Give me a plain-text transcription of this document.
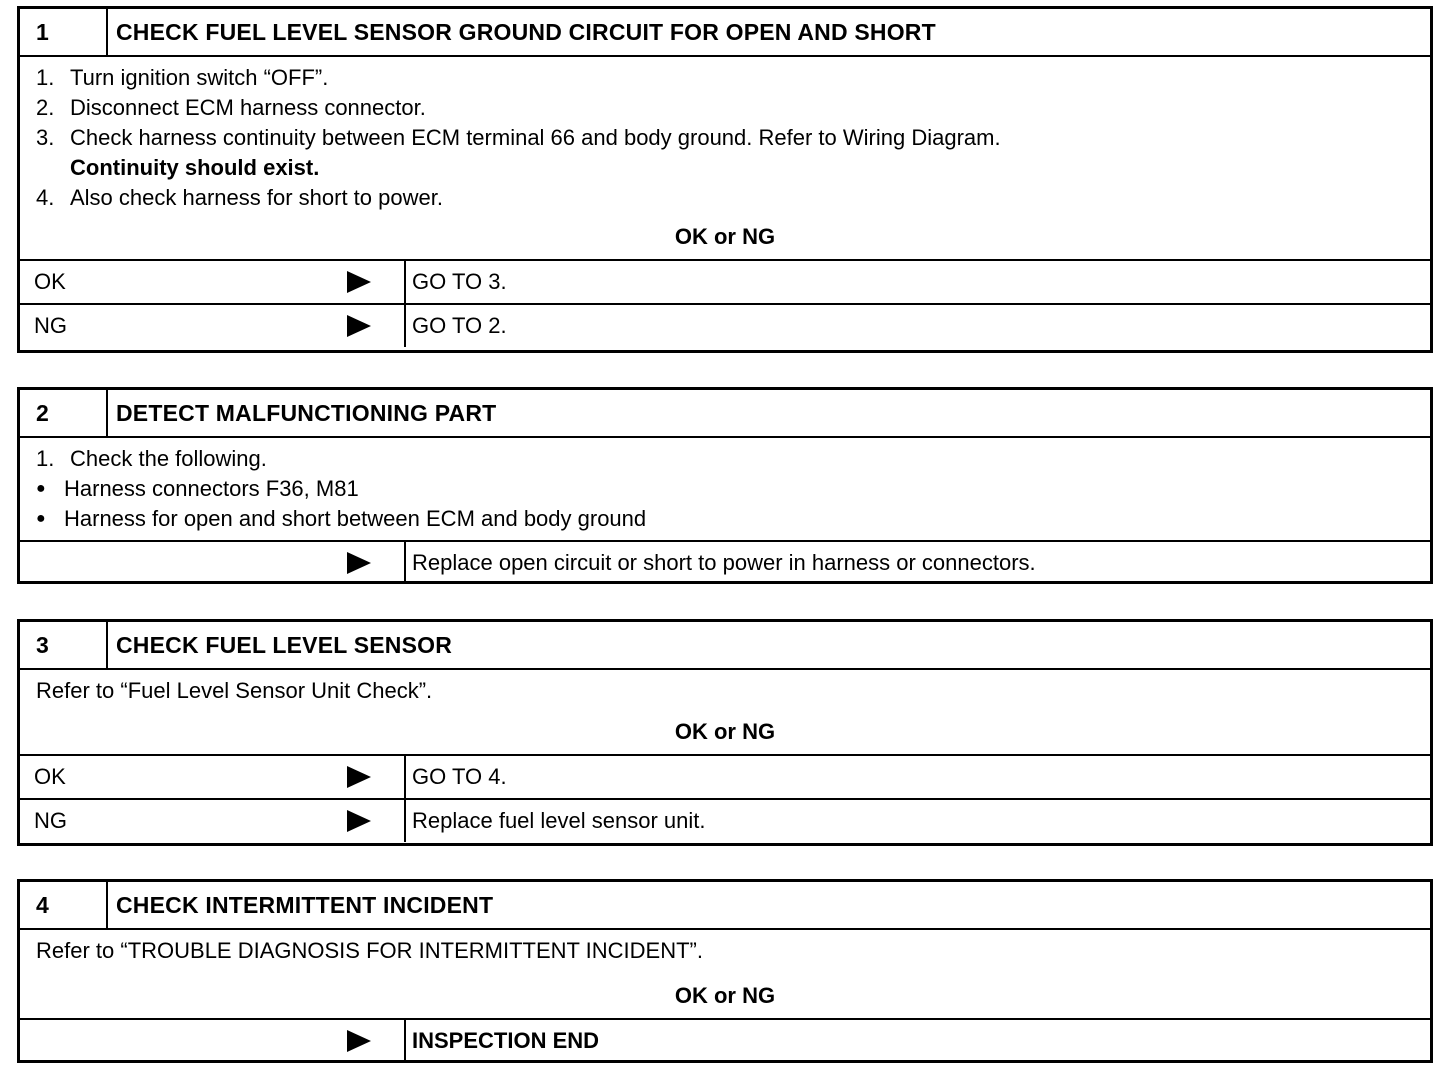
1	CHECK FUEL LEVEL SENSOR GROUND CIRCUIT FOR OPEN AND SHORT
1. Turn ignition switch “OFF”.
2. Disconnect ECM harness connector.
3. Check harness continuity between ECM terminal 66 and body ground. Refer to Wiring Diagram.
Continuity should exist.
4. Also check harness for short to power.
OK or NG
OK	GO TO 3.
NG	GO TO 2.
2	DETECT MALFUNCTIONING PART
1. Check the following.
● Harness connectors F36, M81
● Harness for open and short between ECM and body ground
Replace open circuit or short to power in harness or connectors.
3	CHECK FUEL LEVEL SENSOR
Refer to “Fuel Level Sensor Unit Check”.
OK or NG
OK	GO TO 4.
NG	Replace fuel level sensor unit.
4	CHECK INTERMITTENT INCIDENT
Refer to “TROUBLE DIAGNOSIS FOR INTERMITTENT INCIDENT”.
OK or NG
INSPECTION END
